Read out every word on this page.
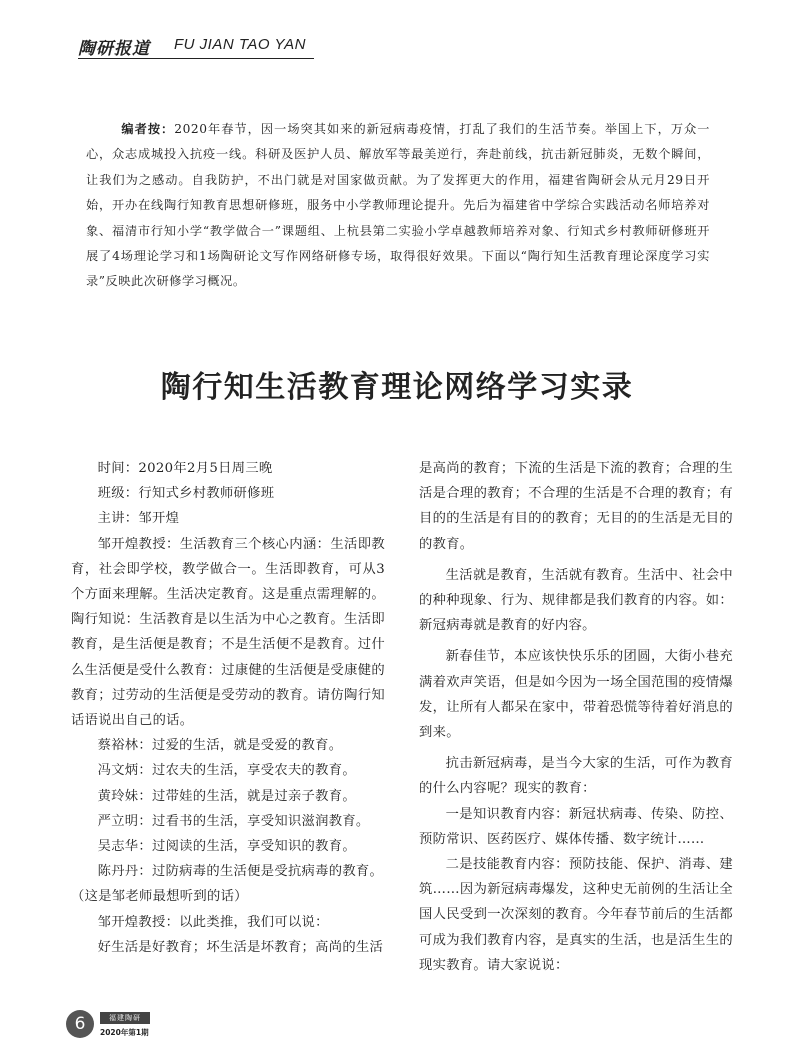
陶研报道 FU JIAN TAO YAN
编者按：2020年春节，因一场突其如来的新冠病毒疫情，打乱了我们的生活节奏。举国上下，万众一心，众志成城投入抗疫一线。科研及医护人员、解放军等最美逆行，奔赴前线，抗击新冠肺炎，无数个瞬间，让我们为之感动。自我防护，不出门就是对国家做贡献。为了发挥更大的作用，福建省陶研会从元月29日开始，开办在线陶行知教育思想研修班，服务中小学教师理论提升。先后为福建省中学综合实践活动名师培养对象、福清市行知小学“教学做合一”课题组、上杭县第二实验小学卓越教师培养对象、行知式乡村教师研修班开展了4场理论学习和1场陶研论文写作网络研修专场，取得很好效果。下面以“陶行知生活教育理论深度学习实录”反映此次研修学习概况。
陶行知生活教育理论网络学习实录

时间：2020年2月5日周三晚

班级：行知式乡村教师研修班

主讲：邹开煌

邹开煌教授：生活教育三个核心内涵：生活即教育，社会即学校，教学做合一。生活即教育，可从3个方面来理解。生活决定教育。这是重点需理解的。陶行知说：生活教育是以生活为中心之教育。生活即教育，是生活便是教育；不是生活便不是教育。过什么生活便是受什么教育：过康健的生活便是受康健的教育；过劳动的生活便是受劳动的教育。请仿陶行知话语说出自己的话。

蔡裕林：过爱的生活，就是受爱的教育。

冯文炳：过农夫的生活，享受农夫的教育。

黄玲妹：过带娃的生活，就是过亲子教育。

严立明：过看书的生活，享受知识滋润教育。

吴志华：过阅读的生活，享受知识的教育。

陈丹丹：过防病毒的生活便是受抗病毒的教育。

（这是邹老师最想听到的话）

邹开煌教授：以此类推，我们可以说：

好生活是好教育；坏生活是坏教育；高尚的生活

是高尚的教育；下流的生活是下流的教育；合理的生活是合理的教育；不合理的生活是不合理的教育；有目的的生活是有目的的教育；无目的的生活是无目的的教育。

生活就是教育，生活就有教育。生活中、社会中的种种现象、行为、规律都是我们教育的内容。如：新冠病毒就是教育的好内容。

新春佳节，本应该快快乐乐的团圆，大街小巷充满着欢声笑语，但是如今因为一场全国范围的疫情爆发，让所有人都呆在家中，带着恐慌等待着好消息的到来。

抗击新冠病毒，是当今大家的生活，可作为教育的什么内容呢？现实的教育：

一是知识教育内容：新冠状病毒、传染、防控、预防常识、医药医疗、媒体传播、数字统计……

二是技能教育内容：预防技能、保护、消毒、建筑……因为新冠病毒爆发，这种史无前例的生活让全国人民受到一次深刻的教育。今年春节前后的生活都可成为我们教育内容，是真实的生活，也是活生生的现实教育。请大家说说：

6	福建陶研
2020年第1期
